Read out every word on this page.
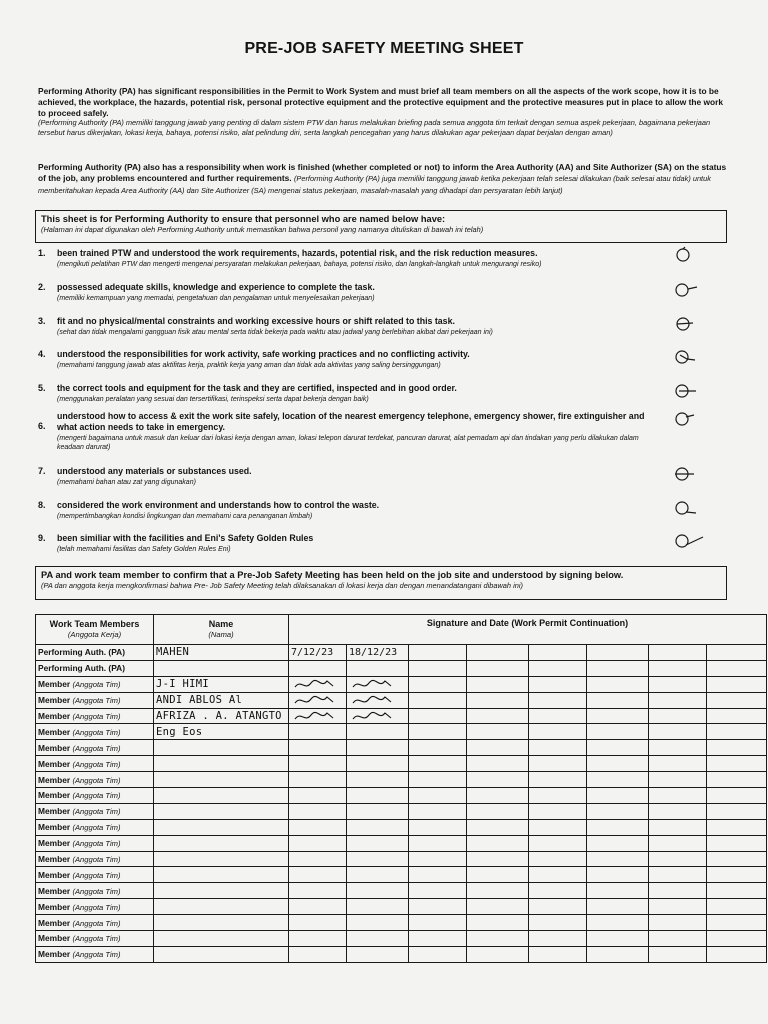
PRE-JOB SAFETY MEETING SHEET
Performing Athority (PA) has significant responsibilities in the Permit to Work System and must brief all team members on all the aspects of the work scope, how it is to be achieved, the workplace, the hazards, potential risk, personal protective equipment and the protective equipment and the protective measures put in place to allow the work to proceed safely.
(Performing Authority (PA) memiliki tanggung jawab yang penting di dalam sistem PTW dan harus melakukan briefing pada semua anggota tim terkait dengan semua aspek pekerjaan, bagaimana pekerjaan tersebut harus dikerjakan, lokasi kerja, bahaya, potensi risiko, alat pelindung diri, serta langkah pencegahan yang harus dilakukan agar pekerjaan dapat berjalan dengan aman)
Performing Authority (PA) also has a responsibility when work is finished (whether completed or not) to inform the Area Authority (AA) and Site Authorizer (SA) on the status of the job, any problems encountered and further requirements. (Performing Authority (PA) juga memiliki tanggung jawab ketika pekerjaan telah selesai dilakukan (baik selesai atau tidak) untuk memberitahukan kepada Area Authority (AA) dan Site Authorizer (SA) mengenai status pekerjaan, masalah-masalah yang dihadapi dan persyaratan lebih lanjut)
This sheet is for Performing Authority to ensure that personnel who are named below have:
(Halaman ini dapat digunakan oleh Performing Authority untuk memastikan bahwa personil yang namanya dituliskan di bawah ini telah)
1. been trained PTW and understood the work requirements, hazards, potential risk, and the risk reduction measures.
(mengikuti pelatihan PTW dan mengerti mengenai persyaratan melakukan pekerjaan, bahaya, potensi risiko, dan langkah-langkah untuk mengurangi resiko)
2. possessed adequate skills, knowledge and experience to complete the task.
(memiliki kemampuan yang memadai, pengetahuan dan pengalaman untuk menyelesaikan pekerjaan)
3. fit and no physical/mental constraints and working excessive hours or shift related to this task.
(sehat dan tidak mengalami gangguan fisik atau mental serta tidak bekerja pada waktu atau jadwal yang berlebihan akibat dari pekerjaan ini)
4. understood the responsibilities for work activity, safe working practices and no conflicting activity.
(memahami tanggung jawab atas aktifitas kerja, praktik kerja yang aman dan tidak ada aktivitas yang saling bersinggungan)
5. the correct tools and equipment for the task and they are certified, inspected and in good order.
(menggunakan peralatan yang sesuai dan tersertifikasi, terinspeksi serta dapat bekerja dengan baik)
6.
understood how to access & exit the work site safely, location of the nearest emergency telephone, emergency shower, fire extinguisher and what action needs to take in emergency.
(mengerti bagaimana untuk masuk dan keluar dari lokasi kerja dengan aman, lokasi telepon darurat terdekat, pancuran darurat, alat pemadam api dan tindakan yang perlu dilakukan dalam keadaan darurat)
7. understood any materials or substances used.
(memahami bahan atau zat yang digunakan)
8. considered the work environment and understands how to control the waste.
(mempertimbangkan kondisi lingkungan dan memahami cara penanganan limbah)
9. been similiar with the facilities and Eni's Safety Golden Rules
(telah memahami fasilitas dan Safety Golden Rules Eni)
PA and work team member to confirm that a Pre-Job Safety Meeting has been held on the job site and understood by signing below.
(PA dan anggota kerja mengkonfirmasi bahwa Pre- Job Safety Meeting telah dilaksanakan di lokasi kerja dan dengan menandatangani dibawah ini)
Work Team Members
(Anggota Kerja)	Name
(Nama)	Signature and Date (Work Permit Continuation)							
Performing Auth. (PA)	MAHEN	7/12/23	18/12/23						
Performing Auth. (PA)									
Member (Anggota Tim)	J-I HIMI	

Member (Anggota Tim)	ANDI ABLOS Al	

Member (Anggota Tim)	AFRIZA . A. ATANGTO	

Member (Anggota Tim)	Eng Eos								
Member (Anggota Tim)									
Member (Anggota Tim)									
Member (Anggota Tim)									
Member (Anggota Tim)									
Member (Anggota Tim)									
Member (Anggota Tim)									
Member (Anggota Tim)									
Member (Anggota Tim)									
Member (Anggota Tim)									
Member (Anggota Tim)									
Member (Anggota Tim)									
Member (Anggota Tim)									
Member (Anggota Tim)									
Member (Anggota Tim)									
